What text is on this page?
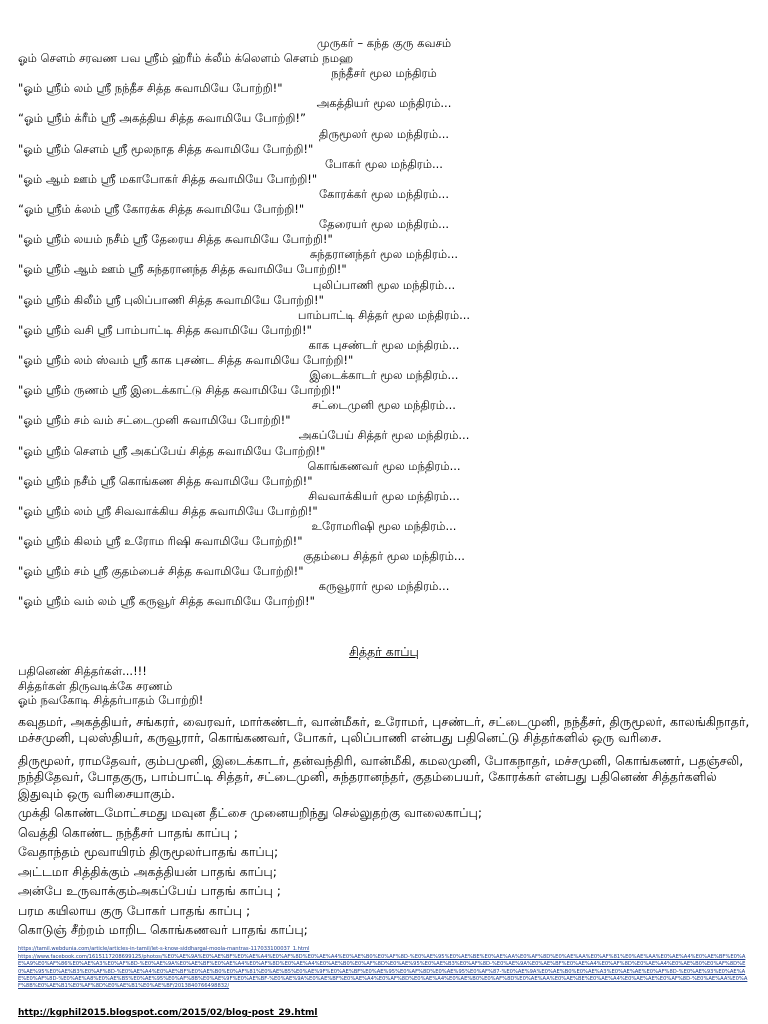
முருகர் – கந்த குரு கவசம்
ஓம் சௌம் சரவண பவ ஸ்ரீம் ஹ்ரீம் க்லீம் க்லௌம் சௌம் நமஹ
நந்தீசர் மூல மந்திரம்
"ஓம் ஸ்ரீம் லம் ஸ்ரீ நந்தீச சித்த சுவாமியே போற்றி!"
அகத்தியர் மூல மந்திரம்...
“ஓம் ஸ்ரீம் க்ரீம் ஸ்ரீ அகத்திய சித்த சுவாமியே போற்றி!”
திருமூலர் மூல மந்திரம்...
"ஓம் ஸ்ரீம் சௌம் ஸ்ரீ மூலநாத சித்த சுவாமியே போற்றி!"
போகர் மூல மந்திரம்...
"ஓம் ஆம் ஊம் ஸ்ரீ மகாபோகர் சித்த சுவாமியே போற்றி!"
கோரக்கர் மூல மந்திரம்...
“ஓம் ஸ்ரீம் க்லம் ஸ்ரீ கோரக்க சித்த சுவாமியே போற்றி!"
தேரையர் மூல மந்திரம்...
"ஓம் ஸ்ரீம் லயம் நசீம் ஸ்ரீ தேரைய சித்த சுவாமியே போற்றி!"
சுந்தரானந்தர் மூல மந்திரம்...
"ஓம் ஸ்ரீம் ஆம் ஊம் ஸ்ரீ சுந்தரானந்த சித்த சுவாமியே போற்றி!"
புலிப்பாணி மூல மந்திரம்...
"ஓம் ஸ்ரீம் கிலீம் ஸ்ரீ புலிப்பாணி சித்த சுவாமியே போற்றி!"
பாம்பாட்டி சித்தர் மூல மந்திரம்...
"ஓம் ஸ்ரீம் வசி ஸ்ரீ பாம்பாட்டி சித்த சுவாமியே போற்றி!"
காக புசண்டர் மூல மந்திரம்...
"ஓம் ஸ்ரீம் லம் ஸ்வம் ஸ்ரீ காக புசண்ட சித்த சுவாமியே போற்றி!"
இடைக்காடர் மூல மந்திரம்...
"ஓம் ஸ்ரீம் ருணம் ஸ்ரீ இடைக்காட்டு சித்த சுவாமியே போற்றி!"
சட்டைமுனி மூல மந்திரம்...
"ஓம் ஸ்ரீம் சம் வம் சட்டைமுனி சுவாமியே போற்றி!"
அகப்பேய் சித்தர் மூல மந்திரம்...
"ஓம் ஸ்ரீம் சௌம் ஸ்ரீ அகப்பேய் சித்த சுவாமியே போற்றி!"
கொங்கணவர் மூல மந்திரம்...
"ஓம் ஸ்ரீம் நசீம் ஸ்ரீ கொங்கண சித்த சுவாமியே போற்றி!"
சிவவாக்கியர் மூல மந்திரம்...
"ஓம் ஸ்ரீம் லம் ஸ்ரீ சிவவாக்கிய சித்த சுவாமியே போற்றி!"
உரோமரிஷி மூல மந்திரம்...
"ஓம் ஸ்ரீம் கிலம் ஸ்ரீ உரோம ரிஷி சுவாமியே போற்றி!"
குதம்பை சித்தர் மூல மந்திரம்...
"ஓம் ஸ்ரீம் சம் ஸ்ரீ குதம்பைச் சித்த சுவாமியே போற்றி!"
கருவூரார் மூல மந்திரம்...
"ஓம் ஸ்ரீம் வம் லம் ஸ்ரீ கருவூர் சித்த சுவாமியே போற்றி!"
சித்தர் காப்பு
பதினெண் சித்தர்கள்...!!!
சித்தர்கள் திருவடிக்கே சரணம்
ஓம் நவகோடி சித்தர்பாதம் போற்றி!
கவுதமர், அகத்தியர், சங்கரர், வைரவர், மார்கண்டர், வான்மீகர், உரோமர், புசண்டர், சட்டைமுனி, நந்தீசர், திருமூலர், காலங்கிநாதர், மச்சமுனி, புலஸ்தியர், கருவூரார், கொங்கணவர், போகர், புலிப்பாணி என்பது பதினெட்டு சித்தர்களில் ஒரு வரிசை.
திருமூலர், ராமதேவர், கும்பமுனி, இடைக்காடர், தன்வந்திரி, வான்மீகி, கமலமுனி, போகநாதர், மச்சமுனி, கொங்கணர், பதஞ்சலி, நந்திதேவர், போதகுரு, பாம்பாட்டி சித்தர், சட்டைமுனி, சுந்தரானந்தர், குதம்பையர், கோரக்கர் என்பது பதினெண் சித்தர்களில் இதுவும் ஒரு வரிசையாகும்.
முக்தி கொண்டமோட்சமது மவுன தீட்சை முனையறிந்து செல்லுதற்கு வாலைகாப்பு;
வெத்தி கொண்ட நந்தீசர் பாதங் காப்பு ;
வேதாந்தம் மூவாயிரம் திருமூலர்பாதங் காப்பு;
அட்டமா சித்திக்கும் அகத்தியன் பாதங் காப்பு;
அன்பே உருவாக்கும்அகப்பேய் பாதங் காப்பு ;
பரம கயிலாய குரு போகர் பாதங் காப்பு ;
கொடுஞ் சீற்றம் மாறிட கொங்கணவர் பாதங் காப்பு;
https://tamil.webdunia.com/article/articles-in-tamil/let-s-know-siddhargal-moola-mantras-117033100037_1.html
https://www.facebook.com/1615117208699125/photos/%E0%AE%9A%E0%AE%BF%E0%AE%A4%E0%AF%8D%E0%AE%A4%E0%AE%B0%E0%AF%8D-%E0%AE%95%E0%AE%BE%E0%AE%AA%E0%AF%8D%E0%AE%AA%E0%AF%81%E0%AE%AA%E0%AE%A4%E0%AE%BF%E0%AE%A9%E0%AF%86%E0%AE%A3%E0%AF%8D-%E0%AE%9A%E0%AE%BF%E0%AE%A4%E0%AF%8D%E0%AE%A4%E0%AE%B0%E0%AF%8D%E0%AE%95%E0%AE%B3%E0%AF%8D-%E0%AE%9A%E0%AE%BF%E0%AE%A4%E0%AF%8D%E0%AE%A4%E0%AE%B0%E0%AF%8D%E0%AE%95%E0%AE%B3%E0%AF%8D-%E0%AE%A4%E0%AE%BF%E0%AE%B0%E0%AF%81%E0%AE%B5%E0%AE%9F%E0%AE%BF%E0%AE%95%E0%AF%8D%E0%AE%95%E0%AF%87-%E0%AE%9A%E0%AE%B0%E0%AE%A3%E0%AE%AE%E0%AF%8D-%E0%AE%93%E0%AE%AE%E0%AF%8D-%E0%AE%A8%E0%AE%B5%E0%AE%95%E0%AF%8B%E0%AE%9F%E0%AE%BF-%E0%AE%9A%E0%AE%BF%E0%AE%A4%E0%AF%8D%E0%AE%A4%E0%AE%B0%E0%AF%8D%E0%AE%AA%E0%AE%BE%E0%AE%A4%E0%AE%AE%E0%AF%8D-%E0%AE%AA%E0%AF%8B%E0%AE%B1%E0%AF%8D%E0%AE%B1%E0%AE%BF/2013840766498832/
http://kgphil2015.blogspot.com/2015/02/blog-post_29.html
